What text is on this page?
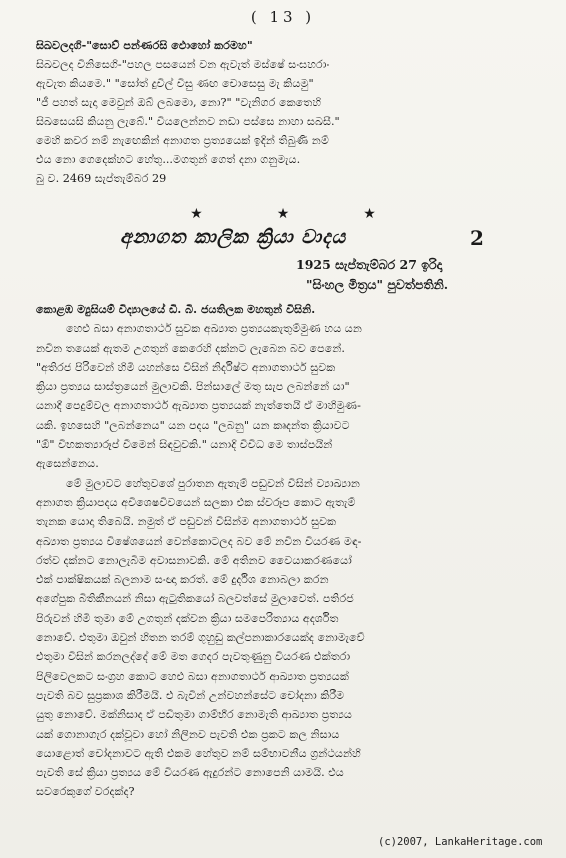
( 13 )
සිඛවලදගි-"සොව් පන්ණරසි ඵොහෝ කරමහ"
සිඛවලද විනිසෙගි-"පහල පසයෙන් වන ඇවැත් මස්ෂේ සංඝහරාං
ඇවැත කියමෙ." "සෝත් දුවිල් විසු ණඟ චොසෙසු මැ කියමු"
"ජී පහත් සැදා මෙවුන් ඔබ් ලබමො, නො?" "වැනිගර කෙතෙහි
සිඛසෙයසි කියනු ලැබේ." වියලෙන්නව නඩා පස්සෙ නාහා සඛසී."
මෙහි කවර නම් නැඟෙකින් අනාගත ප්‍රත්‍යයෙක් ඉදින් තිබුණි නම්
එය නො ගෙදෙක්හට හේතු...මගතුන් ගෙත් දනා ගනුමැය.
බු ව. 2469 සැප්තැම්බර 29
★	★	★
අනාගත කාලික ක්‍රියා වාදය	2
1925 සැප්තැම්බර 27 ඉරිදා
"සිංහල මිත්‍රය" පුවත්පතිනි.
කොළඹ ම්‍යුසියම් විද්‍යාලයේ ඩී. බී. ජයතිලක මහතුන් විසිනි.
හෙළු බසා අනාගතාර්ථ සුවක අඛ්‍යාත ප්‍රත්‍යයකැතුම්මුණ හය යන
නවීන තයෙක් ඇතම උගතුන් කෙරෙහි දක්නට ලැබෙන බව පෙනේ.
"අතිරජ පිරිවෙන් හිමි යහන්සෙ විසින් නිර්දිෂ්ට අනාගතාර්ථ සුවක
ක්‍රියා ප්‍රත්‍යය සාස්ත්‍රයෙන් මුලාවකි. පින්සාලේ මතු සැප ලබන්නේ යා"
යනාදී පෙදුම්වල අනාගතාර්ථ ඇඛ්‍යාත ප්‍රත්‍යයක් නැත්තෙයි ඒ මාහිමුණ-
යකි. ඉහසෙහි "ලබන්නෙය" යන පදය "ලබනු" යන කෘදන්ත ක්‍රියාවට
"ඕ" විභකත්‍යාරූප් වීමෙන් සිඳවුවකි." යනාදි විවිධ මෙ තාස්පයින්
ඇසෙන්නෙය.
මේ මුලාවට හේතුවශේ පුරාතන ඇතැම් පඩුවන් විසින් ව්‍යාඛ්‍යාන
අනාගත ක්‍රියාපදය අවිශෙෂවිවයෙන් සලකා එක ස්වරූප කොට ඇතැම්
තැනක යොදා තිබෙයි. නමුත් ඒ පඩුවන් විසින්ම අනාගතාර්ථ සුවක
අඛ්‍යාත ප්‍රත්‍යය විෂේශයෙන් වෙන්කොටලද බව මේ නවීන වියරණ මඳ-
රත්ව දක්නට නොලැබීම අවාසනාවකි. මේ අතිනව වෛයාකරණයෝ
එක් පාක්ෂිකයක් බලනාම සංඥා කරත්. මේ දුර්දිශ නොබලා කරන
අගේපුක බිතිකීනයන් නිසා ඇටුතිකයෝ බලවත්සේ මුලාවෙත්. පතිරජ
පිරුවන් හිමි තුමා මේ උගතුන් දක්වන ක්‍රියා සමපෙරිත්‍යාය අදර්ශිත
නොවේ. එතුමා ඔවුන් හිතන තරම් ගුහුඩු කල්පනාකාරයෙක්ද නොමැවේ
එතුමා විසින් කරනලද්දේ මේ මත ගෙදර පැවතුණුනු වියරණ එක්තරා
පිලිවෙලකට සංග්‍රහ කොට හෙළු බසා අනාගතාර්ථ ආඛ්‍යාත ප්‍රත්‍යයක්
පැවති බව සුප්‍රකාශ කිරීමයි. එ බැවින් උන්වහන්සේට චෝදනා කිරීම
යුතු නොවේ. මක්නිසාද ඒ පඩිතුමා ගාම්භීර නොමැති ආඛ්‍යාත ප්‍රත්‍යය
යක් ගොනාගැර දක්වූවා හෝ නිලිනව පැවති එක ප්‍රකට කල නිසාය
යොළොත් චෝදනාවට ඇති එකම හේතුව නම් සම්භාවනීය ග්‍රන්ථයන්හි
පැවති සේ ක්‍රියා ප්‍රත්‍යය මේ වියරණ ඇදුරන්ට නොපෙනි යාමයි. එය
සවරෙකුගේ වරදක්ද?
(c)2007, LankaHeritage.com
